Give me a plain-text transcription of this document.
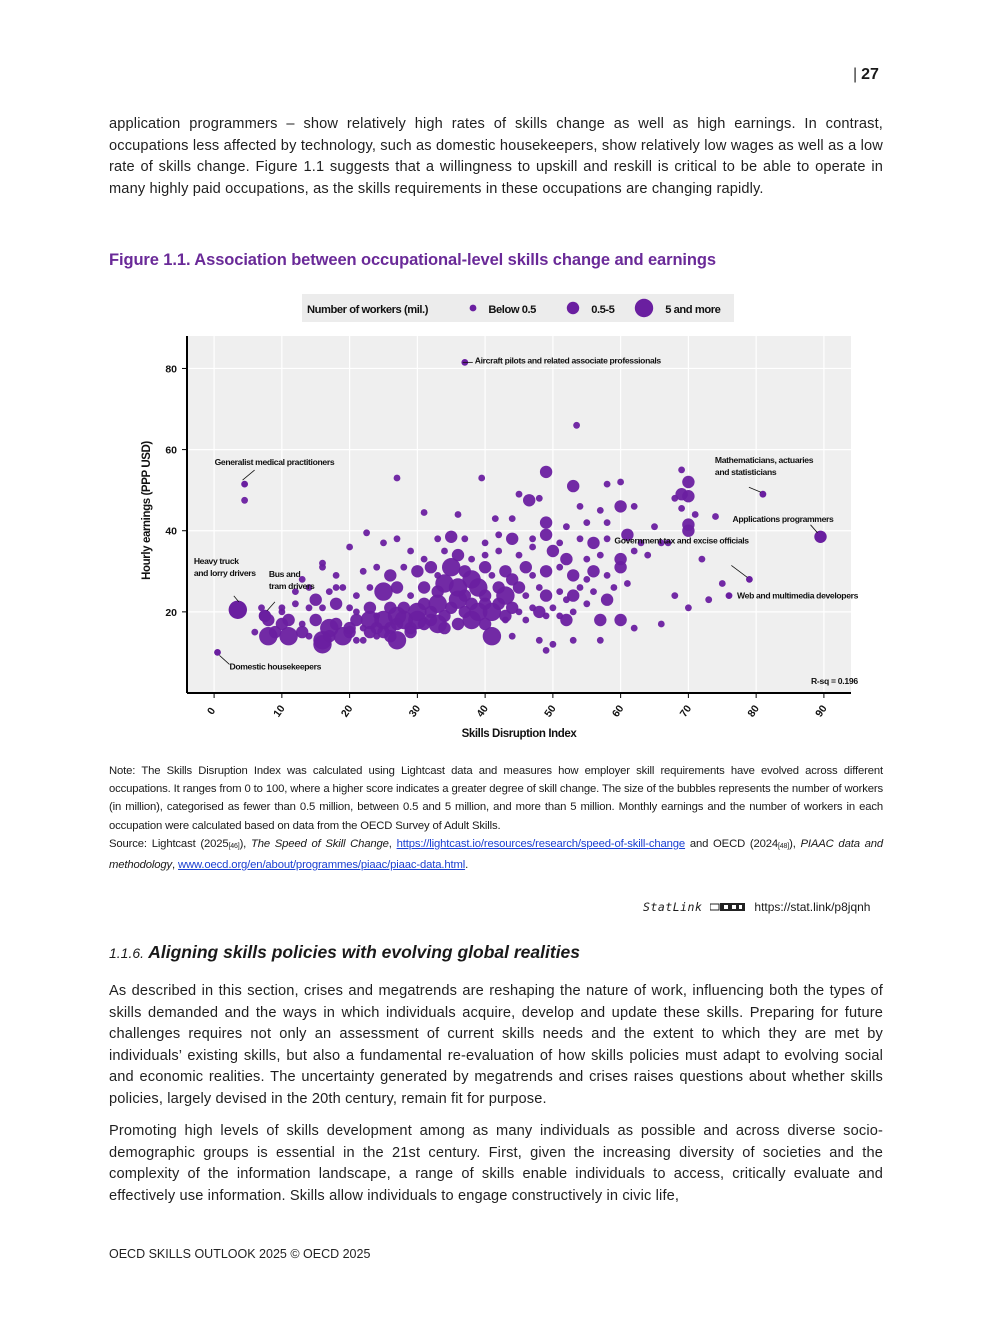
| 27

application programmers – show relatively high rates of skills change as well as high earnings. In contrast, occupations less affected by technology, such as domestic housekeepers, show relatively low wages as well as a low rate of skills change. Figure 1.1 suggests that a willingness to upskill and reskill is critical to be able to operate in many highly paid occupations, as the skills requirements in these occupations are changing rapidly.

Figure 1.1. Association between occupational-level skills change and earnings
Number of workers (mil.)	Below 0.5	0.5-5	5 and more
Aircraft pilots and related associate professionals
Generalist medical practitioners	Mathematicians, actuaries and statisticians
Applications programmers
Government tax and excise officials
Web and multimedia developers
Heavy truck and lorry drivers Bus and tram drivers
Domestic housekeepers
R-sq = 0.196
20
40
60
80
0	10	20	30	40	50	60	70	80	90
Skills Disruption Index
Hourly earnings (PPP USD)
Note: The Skills Disruption Index was calculated using Lightcast data and measures how employer skill requirements have evolved across different occupations. It ranges from 0 to 100, where a higher score indicates a greater degree of skill change. The size of the bubbles represents the number of workers (in million), categorised as fewer than 0.5 million, between 0.5 and 5 million, and more than 5 million. Monthly earnings and the number of workers in each occupation were calculated based on data from the OECD Survey of Adult Skills.
Source: Lightcast $(2025_{[46]})$, The Speed of Skill Change, https://lightcast.io/resources/research/speed-of-skill-change and OECD $(2024_{[48]})$, PIAAC data and methodology, www.oecd.org/en/about/programmes/piaac/piaac-data.html.
StatLink	https://stat.link/p8jqnh
1.1.6. Aligning skills policies with evolving global realities

As described in this section, crises and megatrends are reshaping the nature of work, influencing both the types of skills demanded and the ways in which individuals acquire, develop and update these skills. Preparing for future challenges requires not only an assessment of current skills needs and the extent to which they are met by individuals’ existing skills, but also a fundamental re-evaluation of how skills policies must adapt to evolving social and economic realities. The uncertainty generated by megatrends and crises raises questions about whether skills policies, largely devised in the 20th century, remain fit for purpose.

Promoting high levels of skills development among as many individuals as possible and across diverse socio-demographic groups is essential in the 21st century. First, given the increasing diversity of societies and the complexity of the information landscape, a range of skills enable individuals to access, critically evaluate and effectively use information. Skills allow individuals to engage constructively in civic life,

OECD SKILLS OUTLOOK 2025 © OECD 2025
